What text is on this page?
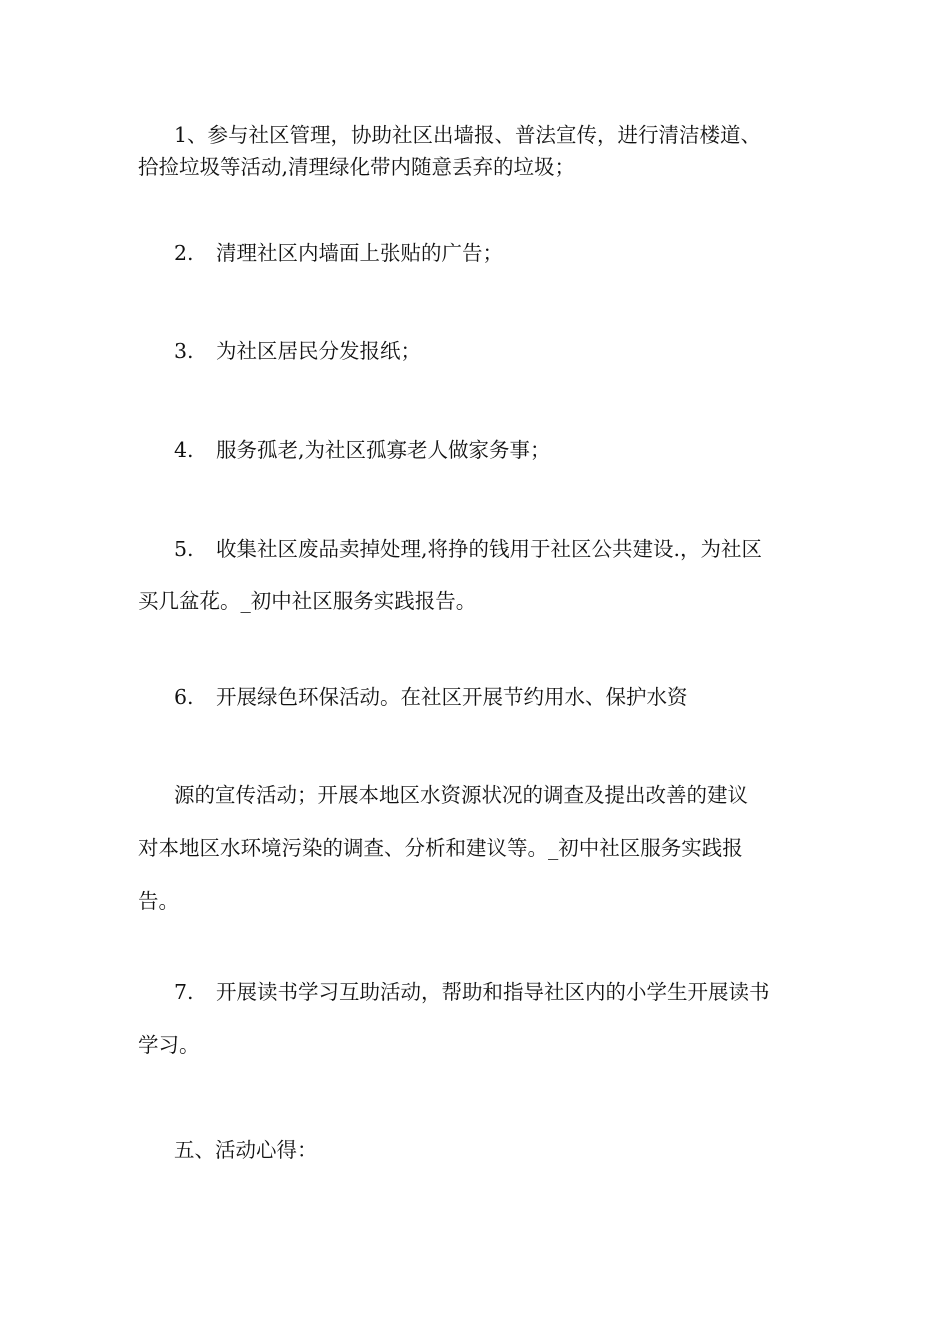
1、参与社区管理，协助社区出墙报、普法宣传，进行清洁楼道、
拾捡垃圾等活动,清理绿化带内随意丢弃的垃圾；

2. 清理社区内墙面上张贴的广告；

3. 为社区居民分发报纸；

4. 服务孤老,为社区孤寡老人做家务事；

5. 收集社区废品卖掉处理,将挣的钱用于社区公共建设.，为社区
买几盆花。_初中社区服务实践报告。

6. 开展绿色环保活动。在社区开展节约用水、保护水资

源的宣传活动；开展本地区水资源状况的调查及提出改善的建议
对本地区水环境污染的调查、分析和建议等。_初中社区服务实践报
告。

7. 开展读书学习互助活动，帮助和指导社区内的小学生开展读书
学习。

五、活动心得：
